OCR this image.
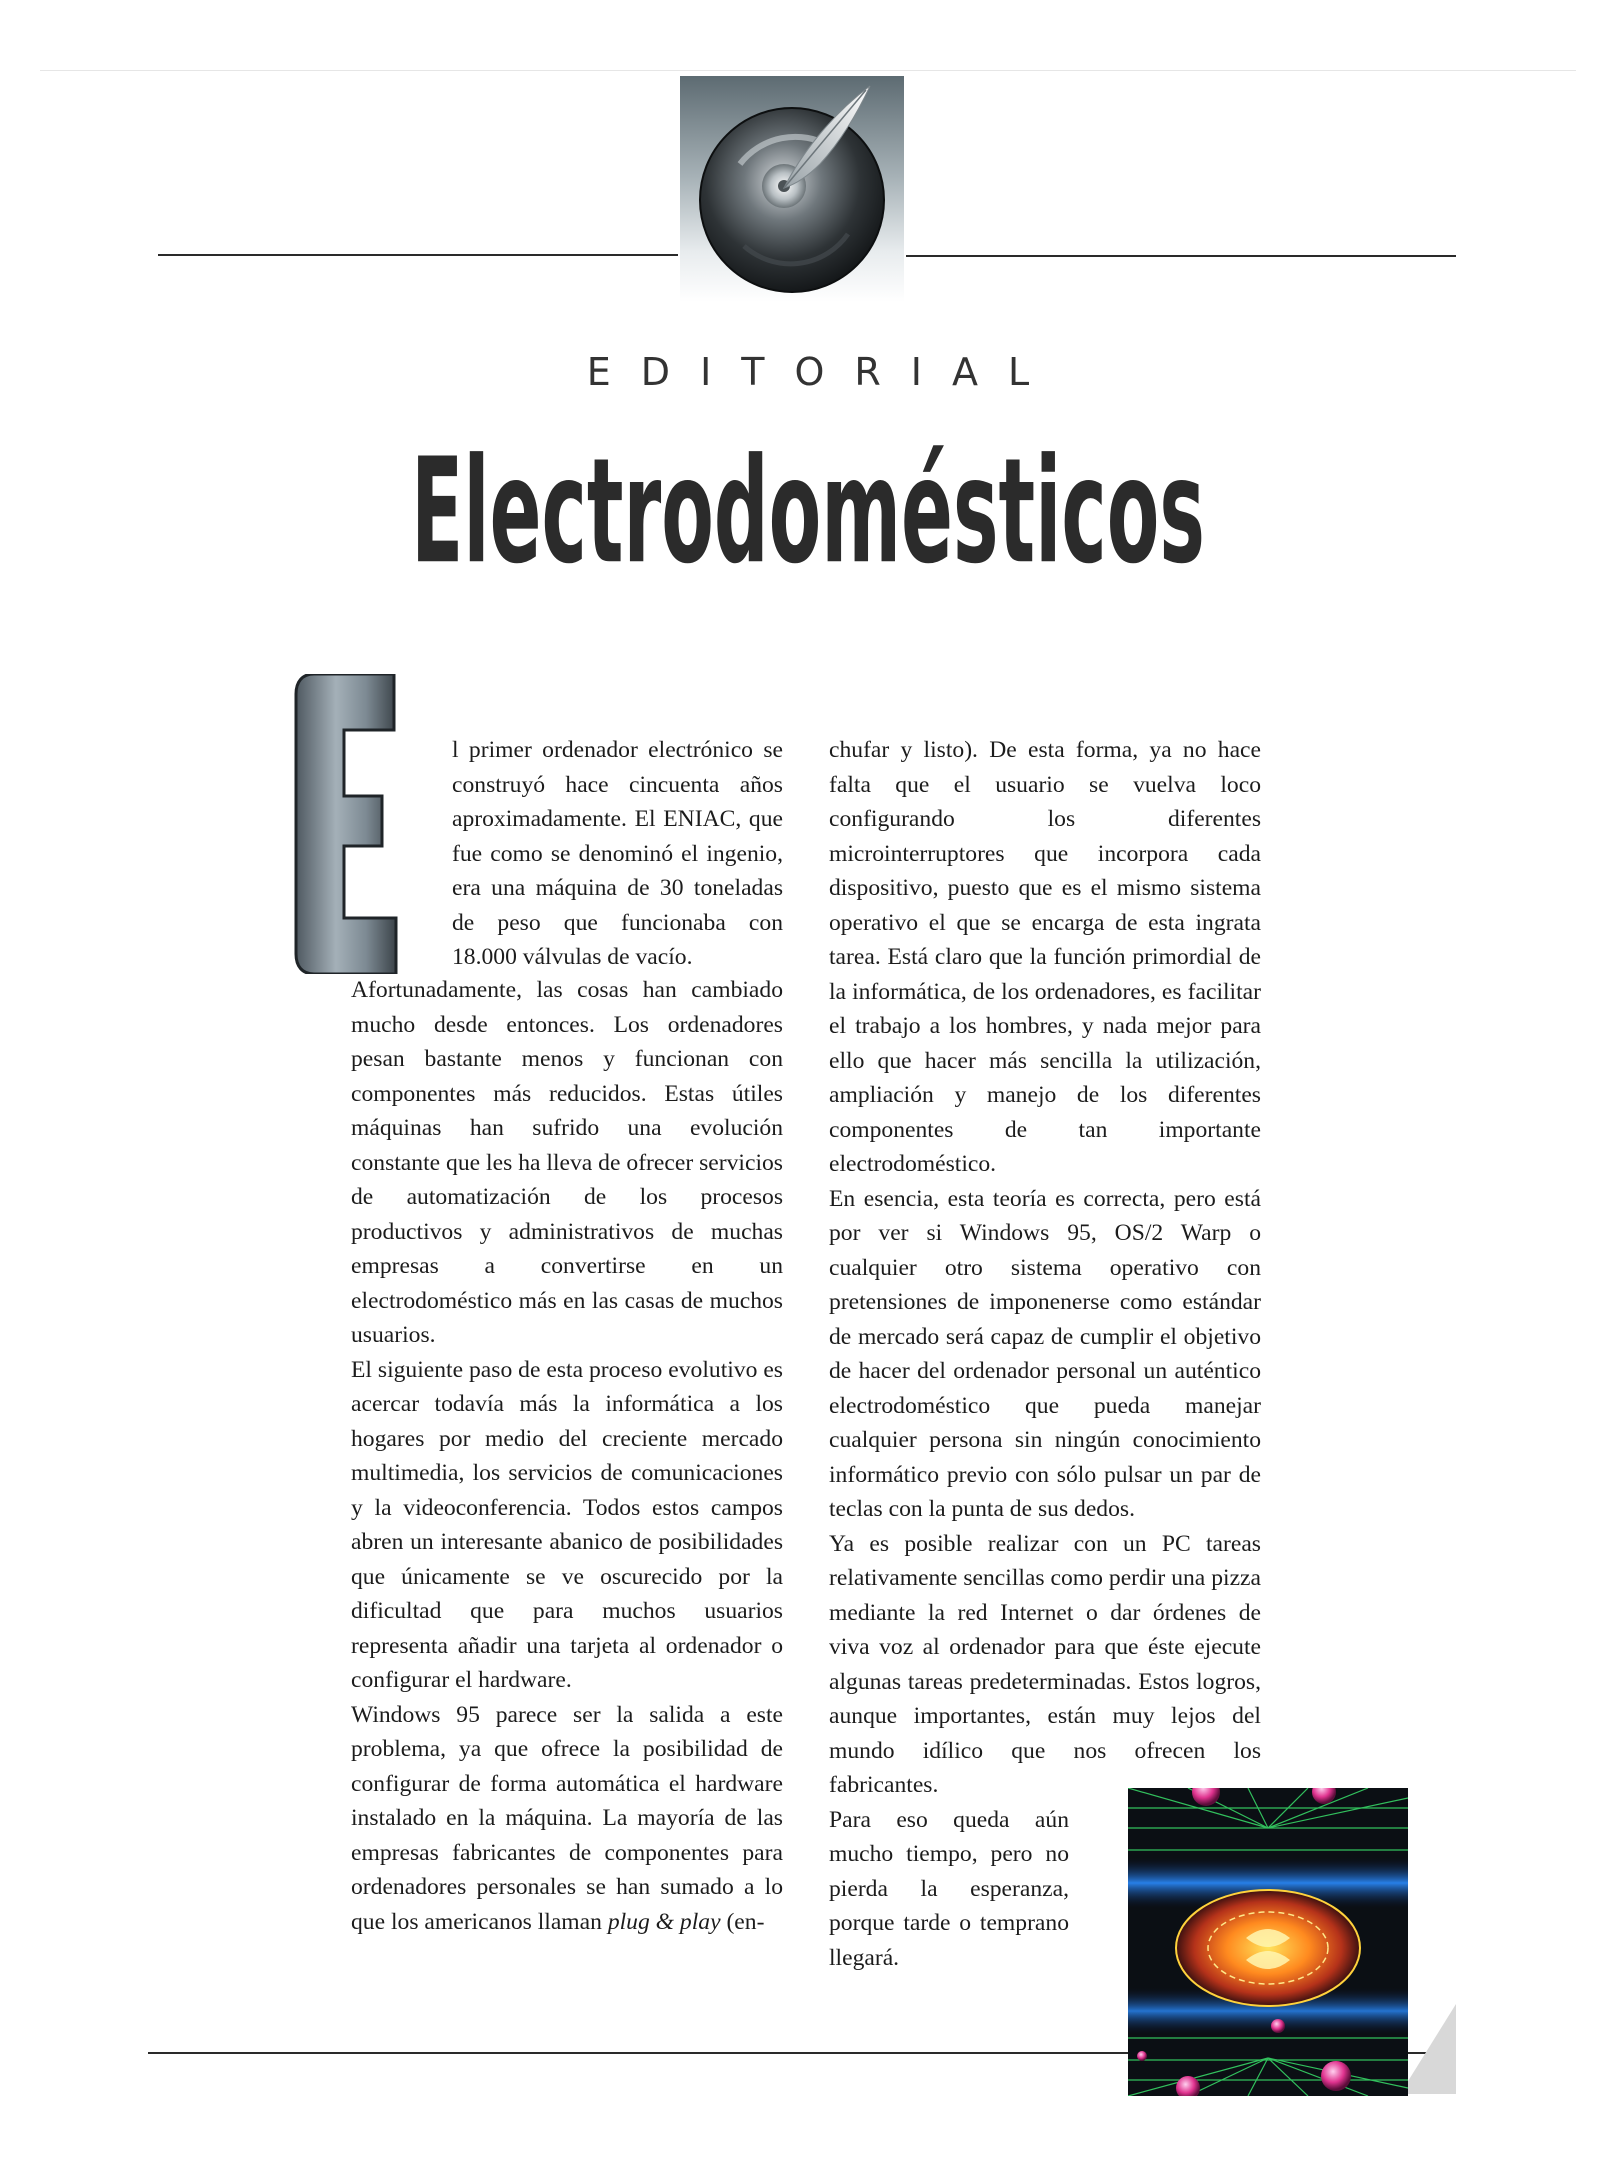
EDITORIAL
Electrodomésticos

l primer ordenador electrónico se construyó hace cincuenta años aproximadamente. El ENIAC, que fue como se denominó el ingenio, era una máquina de 30 toneladas de peso que funcionaba con 18.000 válvulas de vacío.

Afortunadamente, las cosas han cambiado mucho desde entonces. Los ordenadores pesan bastante menos y funcionan con componentes más reducidos. Estas útiles máquinas han sufrido una evolución constante que les ha lleva de ofrecer servicios de automatización de los procesos productivos y administrativos de muchas empresas a convertirse en un electrodoméstico más en las casas de muchos usuarios.

El siguiente paso de esta proceso evolutivo es acercar todavía más la informática a los hogares por medio del creciente mercado multimedia, los servicios de comunicaciones y la videoconferencia. Todos estos campos abren un interesante abanico de posibilidades que únicamente se ve oscurecido por la dificultad que para muchos usuarios representa añadir una tarjeta al ordenador o configurar el hardware.

Windows 95 parece ser la salida a este problema, ya que ofrece la posibilidad de configurar de forma automática el hardware instalado en la máquina. La mayoría de las empresas fabricantes de componentes para ordenadores personales se han sumado a lo que los americanos llaman plug & play (en-

chufar y listo). De esta forma, ya no hace falta que el usuario se vuelva loco configurando los diferentes microinterruptores que incorpora cada dispositivo, puesto que es el mismo sistema operativo el que se encarga de esta ingrata tarea. Está claro que la función primordial de la informática, de los ordenadores, es facilitar el trabajo a los hombres, y nada mejor para ello que hacer más sencilla la utilización, ampliación y manejo de los diferentes componentes de tan importante electrodoméstico.

En esencia, esta teoría es correcta, pero está por ver si Windows 95, OS/2 Warp o cualquier otro sistema operativo con pretensiones de imponenerse como estándar de mercado será capaz de cumplir el objetivo de hacer del ordenador personal un auténtico electrodoméstico que pueda manejar cualquier persona sin ningún conocimiento informático previo con sólo pulsar un par de teclas con la punta de sus dedos.

Ya es posible realizar con un PC tareas relativamente sencillas como perdir una pizza mediante la red Internet o dar órdenes de viva voz al ordenador para que éste ejecute algunas tareas predeterminadas. Estos logros, aunque importantes, están muy lejos del mundo idílico que nos ofrecen los fabricantes.

Para eso queda aún mucho tiempo, pero no pierda la esperanza, porque tarde o temprano llegará.
